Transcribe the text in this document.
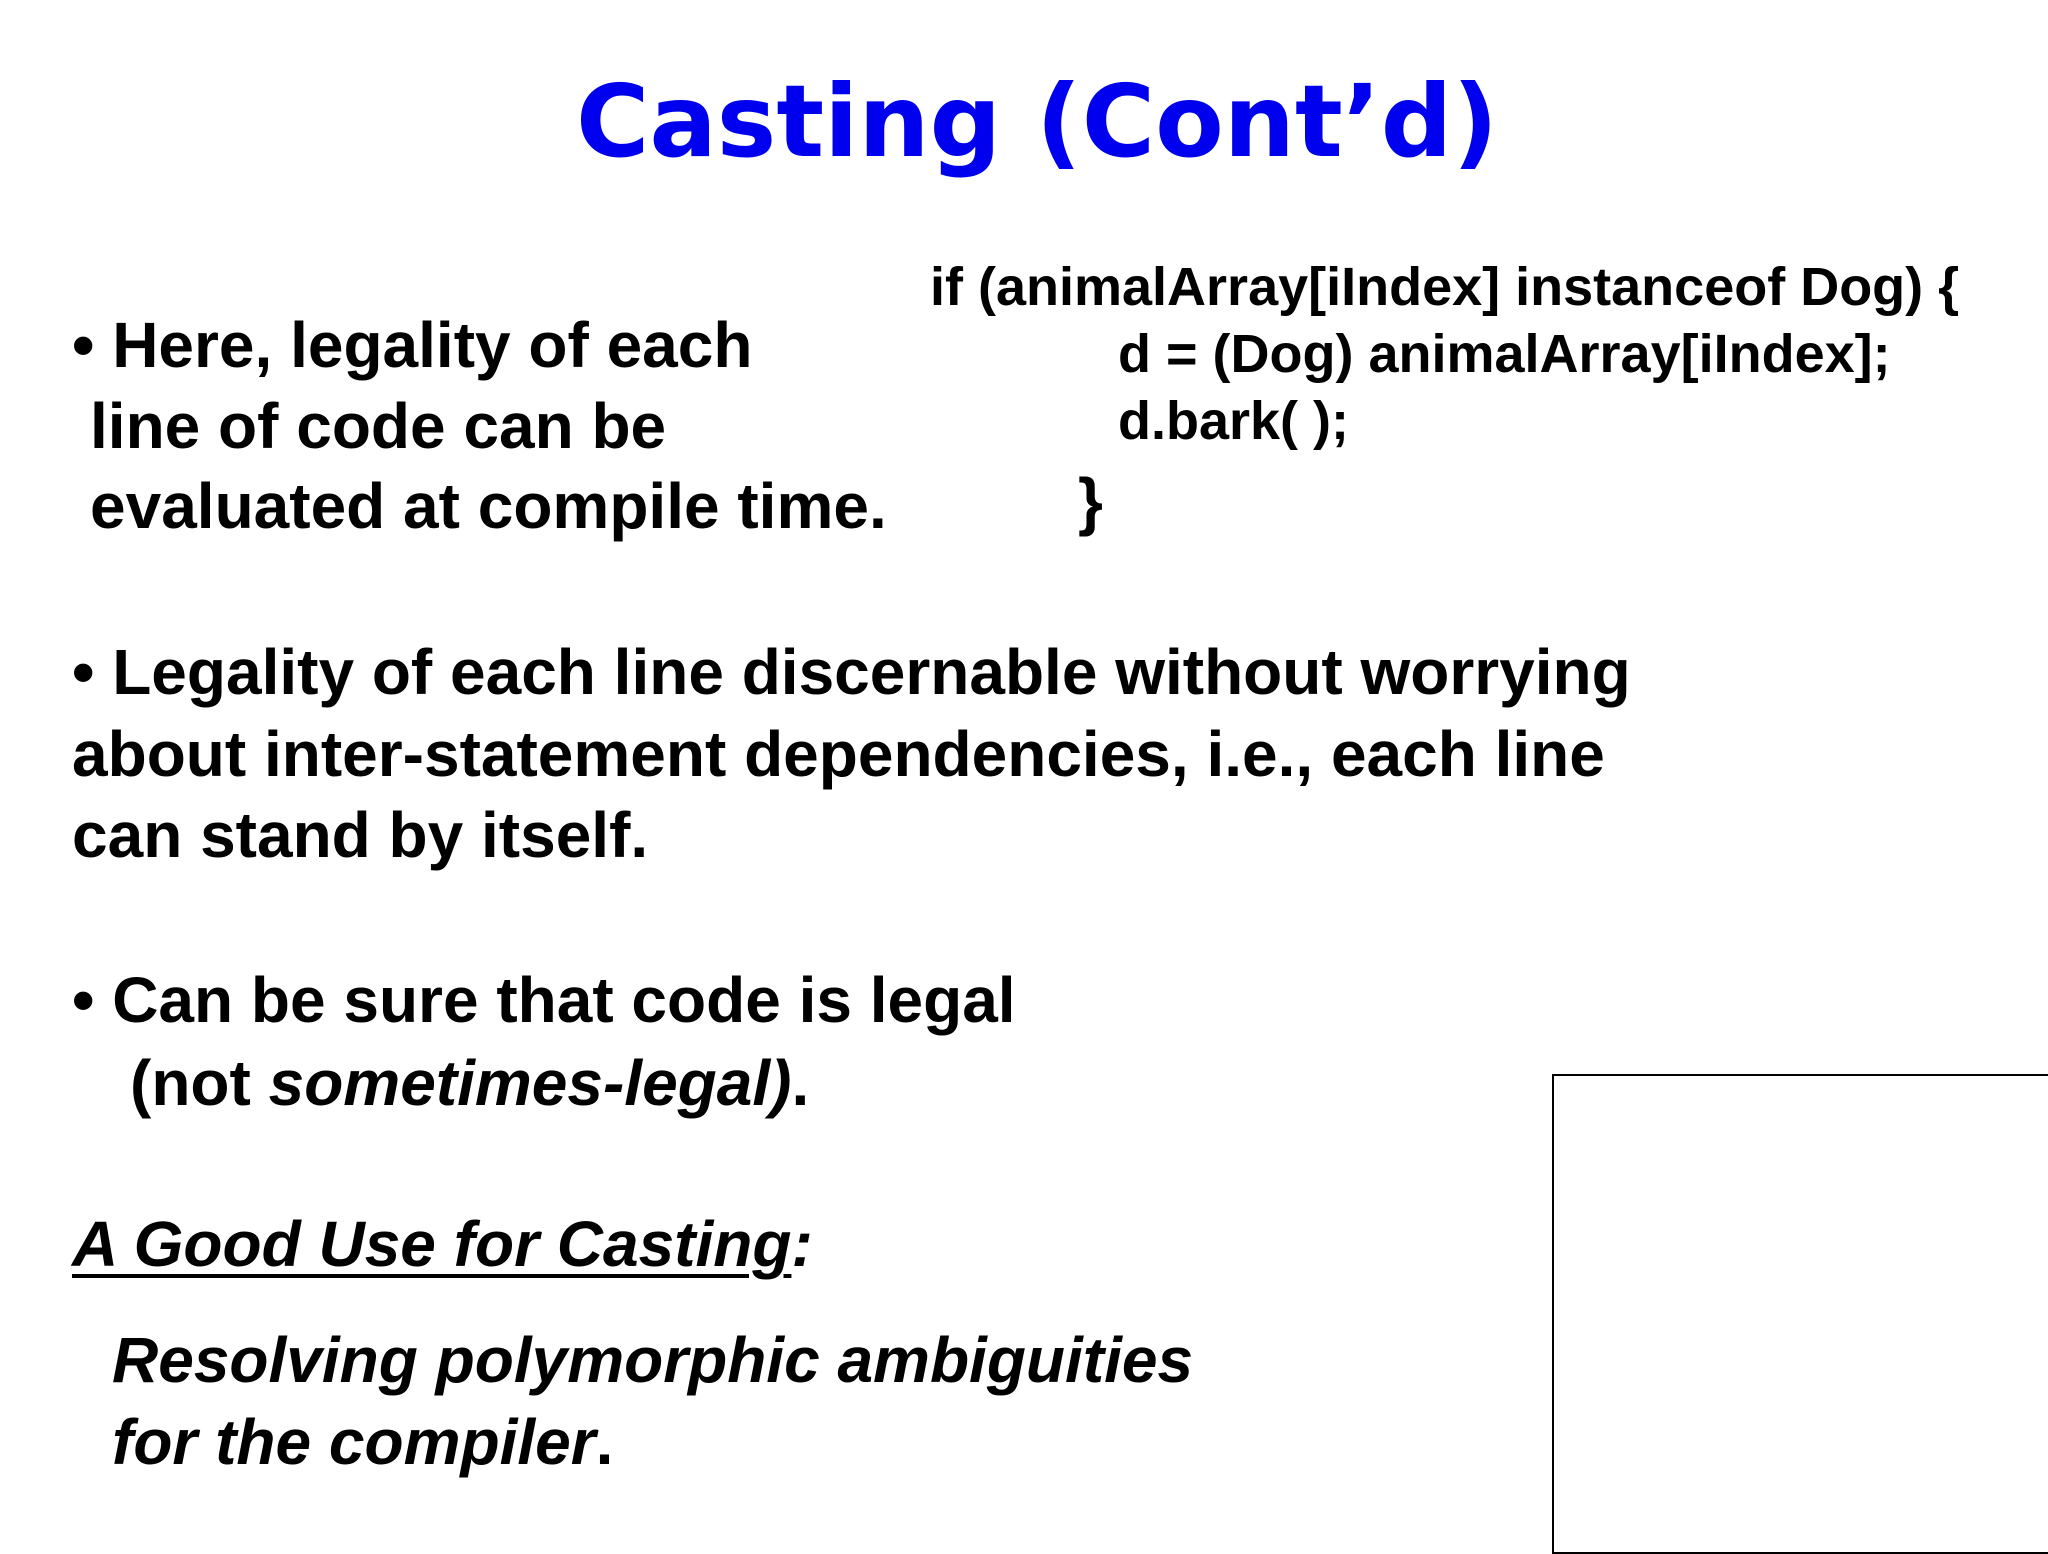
Casting (Cont’d)
• Here, legality of each
line of code can be
evaluated at compile time.
if (animalArray[iIndex] instanceof Dog) {
d = (Dog) animalArray[iIndex];
d.bark( );
}
• Legality of each line discernable without worrying
about inter-statement dependencies, i.e., each line
can stand by itself.
• Can be sure that code is legal
(not sometimes-legal).
A Good Use for Casting:
Resolving polymorphic ambiguities
for the compiler.
